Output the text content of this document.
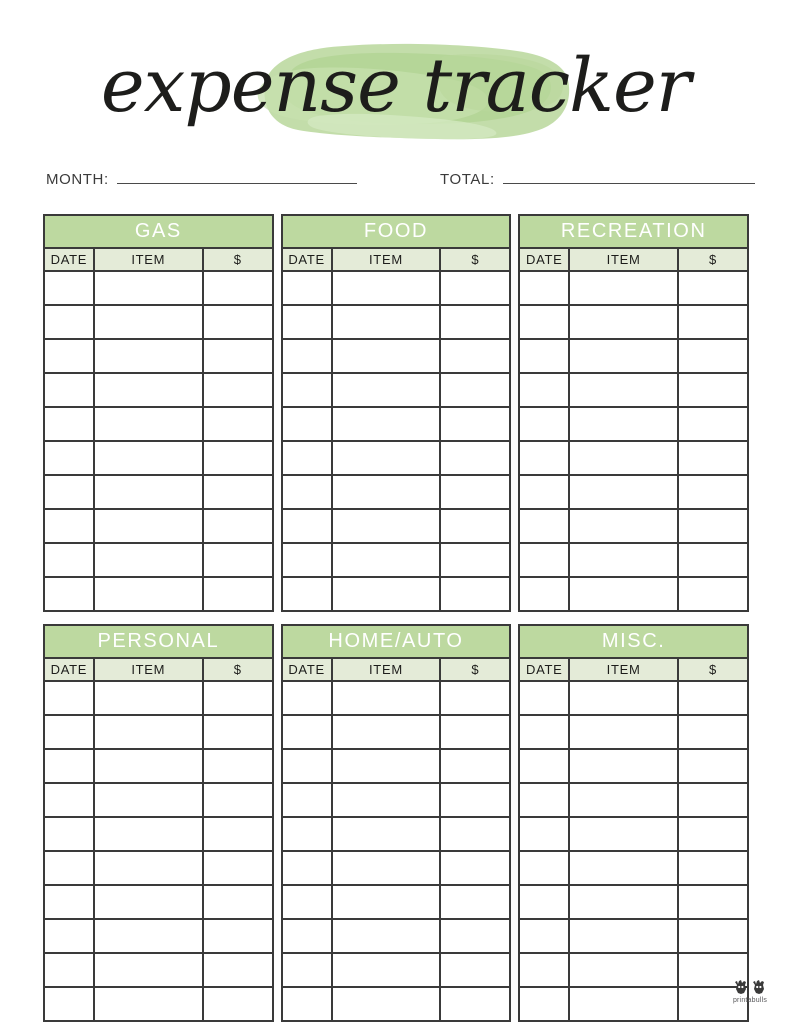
expense tracker
MONTH:	TOTAL:
GAS
DATE	ITEM	$
FOOD
DATE	ITEM	$
RECREATION
DATE	ITEM	$
PERSONAL
DATE	ITEM	$
HOME/AUTO
DATE	ITEM	$
MISC.
DATE	ITEM	$
printabulls
